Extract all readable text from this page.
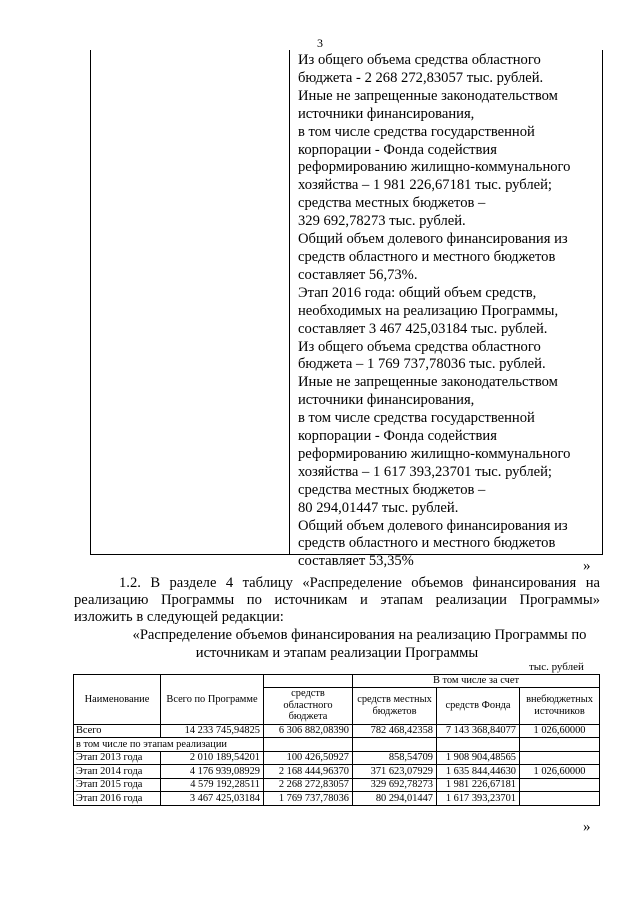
3
Из общего объема средства областного
бюджета - 2 268 272,83057 тыс. рублей.
Иные не запрещенные законодательством
источники финансирования,
в том числе средства государственной
корпорации - Фонда содействия
реформированию жилищно-коммунального
хозяйства – 1 981 226,67181 тыс. рублей;
средства местных бюджетов –
329 692,78273 тыс. рублей.
Общий объем долевого финансирования из
средств областного и местного бюджетов
составляет 56,73%.
Этап 2016 года: общий объем средств,
необходимых на реализацию Программы,
составляет 3 467 425,03184 тыс. рублей.
Из общего объема средства областного
бюджета – 1 769 737,78036 тыс. рублей.
Иные не запрещенные законодательством
источники финансирования,
в том числе средства государственной
корпорации - Фонда содействия
реформированию жилищно-коммунального
хозяйства – 1 617 393,23701 тыс. рублей;
средства местных бюджетов –
80 294,01447 тыс. рублей.
Общий объем долевого финансирования из
средств областного и местного бюджетов
составляет 53,35%	»
1.2. В разделе 4 таблицу «Распределение объемов финансирования на
реализацию Программы по источникам и этапам реализации Программы»
изложить в следующей редакции:
«Распределение объемов финансирования на реализацию Программы по
источникам и этапам реализации Программы
тыс. рублей
Наименование	Всего по Программе		В том числе за счет		
		средств областного бюджета	средств местных бюджетов	средств Фонда	внебюджетных источников
Всего	14 233 745,94825	6 306 882,08390	782 468,42358	7 143 368,84077	1 026,60000
в том числе по этапам реализации					
Этап 2013 года	2 010 189,54201	100 426,50927	858,54709	1 908 904,48565	
Этап 2014 года	4 176 939,08929	2 168 444,96370	371 623,07929	1 635 844,44630	1 026,60000
Этап 2015 года	4 579 192,28511	2 268 272,83057	329 692,78273	1 981 226,67181	
Этап 2016 года	3 467 425,03184	1 769 737,78036	80 294,01447	1 617 393,23701	
»
